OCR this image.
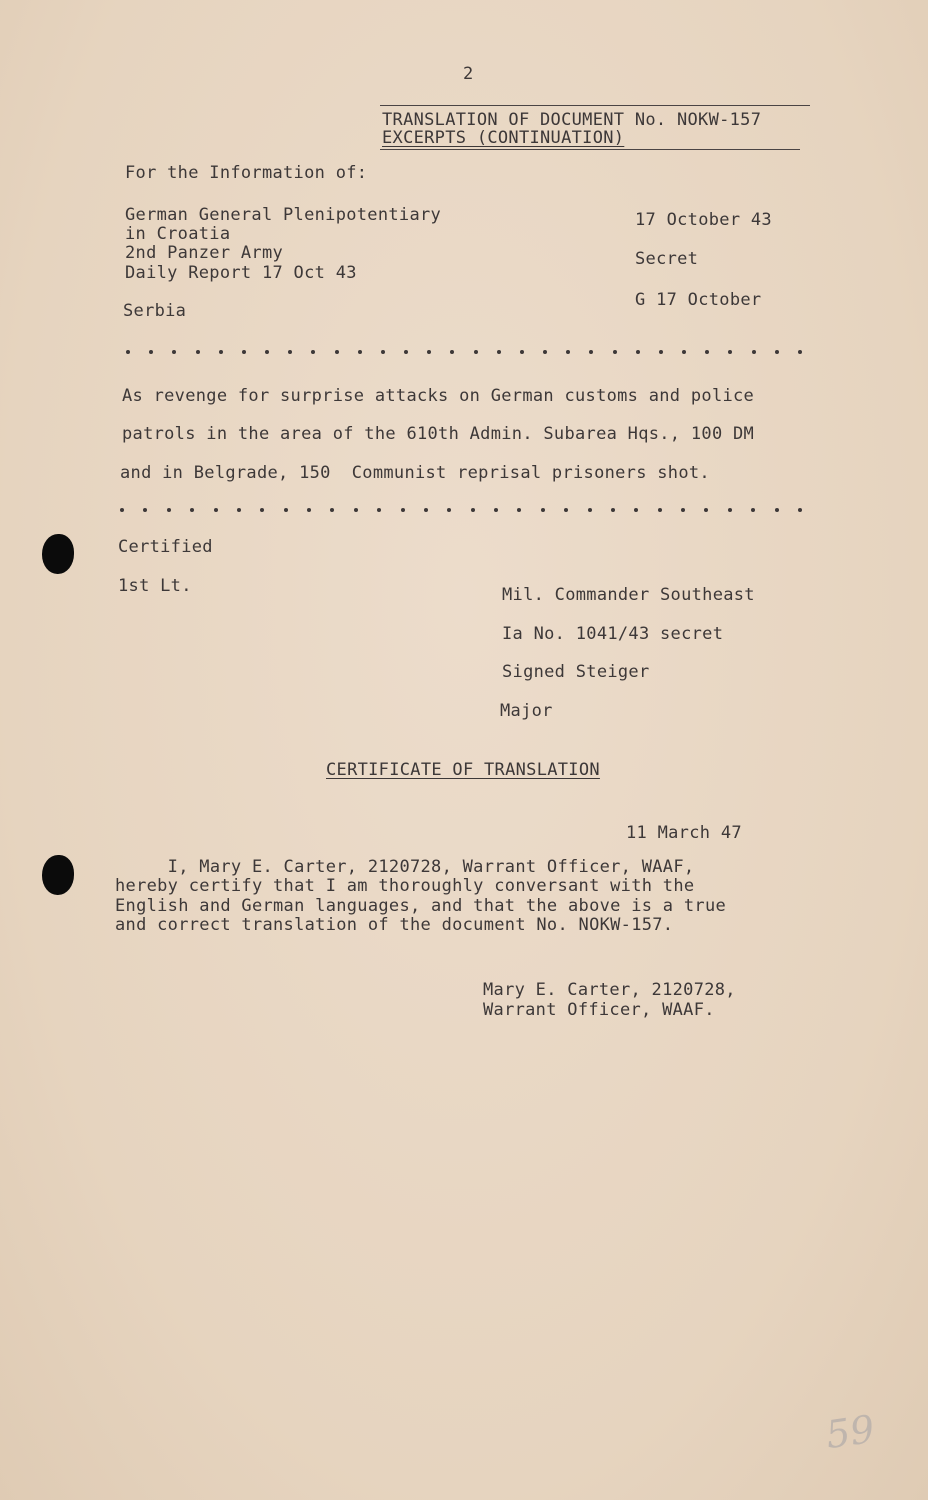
2
TRANSLATION OF DOCUMENT No. NOKW-157
EXCERPTS (CONTINUATION)
For the Information of:
German General Plenipotentiary
in Croatia
2nd Panzer Army
Daily Report 17 Oct 43
Serbia
17 October 43
Secret
G 17 October
As revenge for surprise attacks on German customs and police
patrols in the area of the 610th Admin. Subarea Hqs., 100 DM
and in Belgrade, 150  Communist reprisal prisoners shot.
Certified
1st Lt.	Mil. Commander Southeast
Ia No. 1041/43 secret
Signed Steiger
Major
CERTIFICATE OF TRANSLATION
11 March 47
I, Mary E. Carter, 2120728, Warrant Officer, WAAF,
hereby certify that I am thoroughly conversant with the
English and German languages, and that the above is a true
and correct translation of the document No. NOKW-157.
Mary E. Carter, 2120728,
Warrant Officer, WAAF.
59
